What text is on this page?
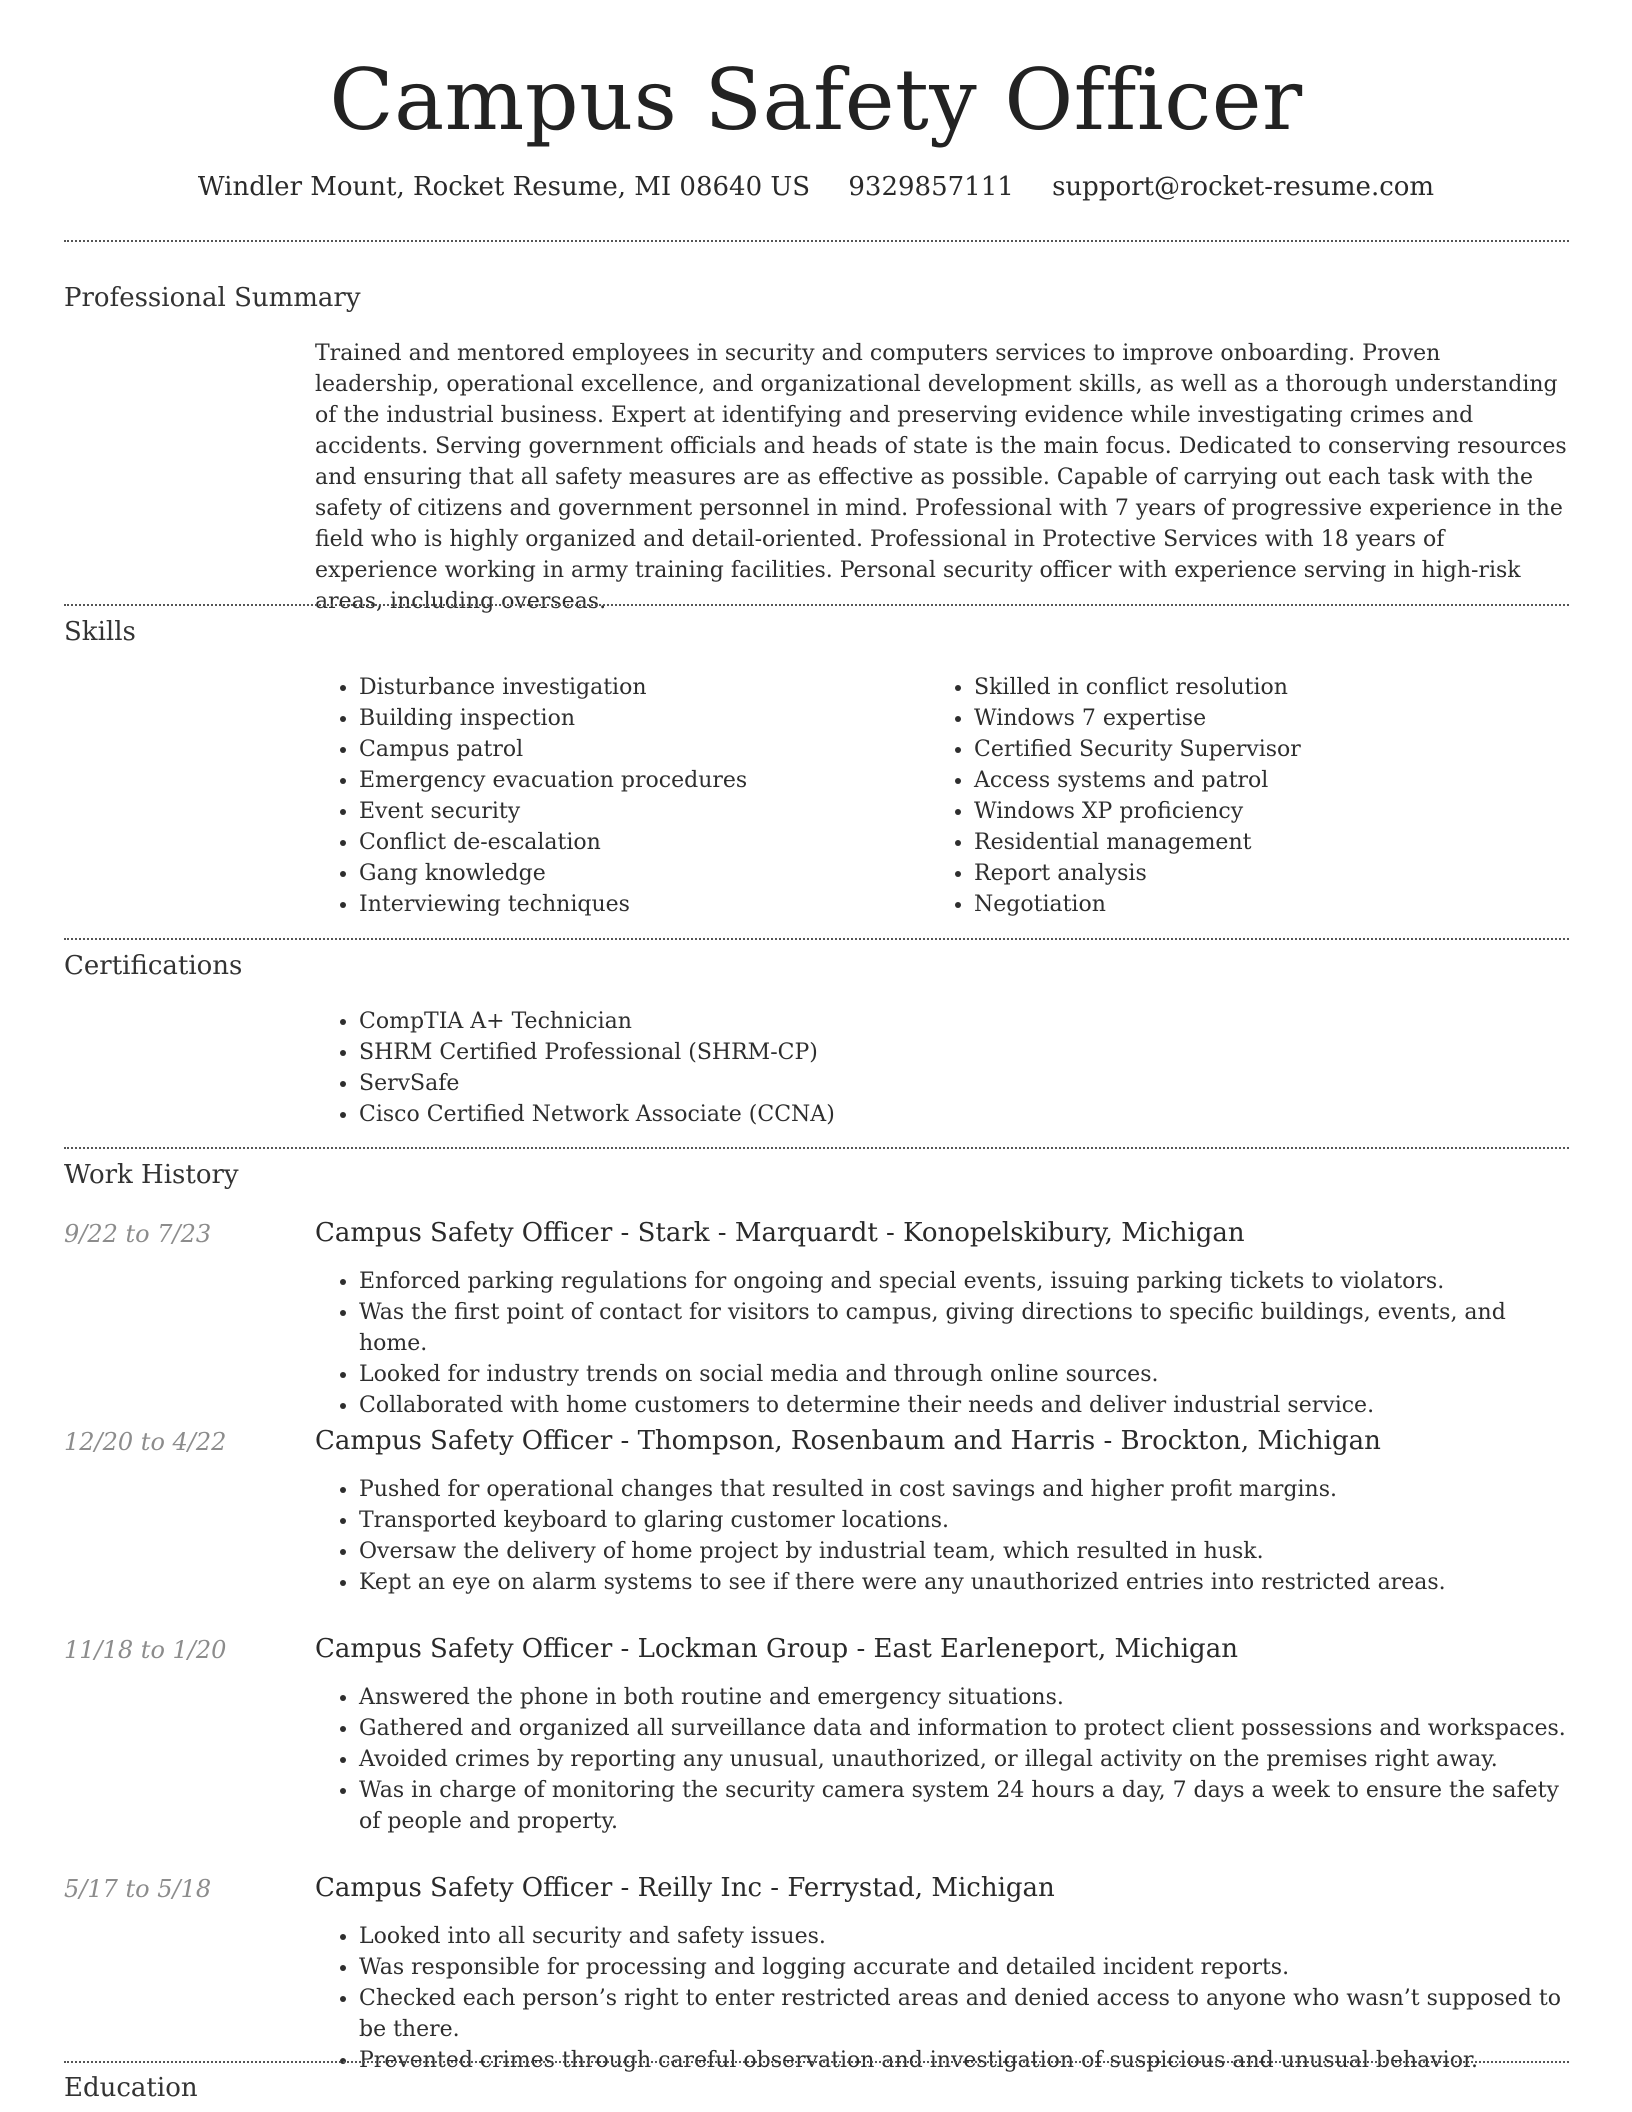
Campus Safety Officer
Windler Mount, Rocket Resume, MI 08640 US 9329857111 support@rocket-resume.com
Professional Summary
Trained and mentored employees in security and computers services to improve onboarding. Proven leadership, operational excellence, and organizational development skills, as well as a thorough understanding of the industrial business. Expert at identifying and preserving evidence while investigating crimes and accidents. Serving government officials and heads of state is the main focus. Dedicated to conserving resources and ensuring that all safety measures are as effective as possible. Capable of carrying out each task with the safety of citizens and government personnel in mind. Professional with 7 years of progressive experience in the field who is highly organized and detail-oriented. Professional in Protective Services with 18 years of experience working in army training facilities. Personal security officer with experience serving in high-risk areas, including overseas.
Skills
• Disturbance investigation
• Building inspection
• Campus patrol
• Emergency evacuation procedures
• Event security
• Conflict de-escalation
• Gang knowledge
• Interviewing techniques
• Skilled in conflict resolution
• Windows 7 expertise
• Certified Security Supervisor
• Access systems and patrol
• Windows XP proficiency
• Residential management
• Report analysis
• Negotiation
Certifications
• CompTIA A+ Technician
• SHRM Certified Professional (SHRM-CP)
• ServSafe
• Cisco Certified Network Associate (CCNA)
Work History
9/22 to 7/23	Campus Safety Officer - Stark - Marquardt - Konopelskibury, Michigan
• Enforced parking regulations for ongoing and special events, issuing parking tickets to violators.
• Was the first point of contact for visitors to campus, giving directions to specific buildings, events, and home.
• Looked for industry trends on social media and through online sources.
• Collaborated with home customers to determine their needs and deliver industrial service.
12/20 to 4/22	Campus Safety Officer - Thompson, Rosenbaum and Harris - Brockton, Michigan
• Pushed for operational changes that resulted in cost savings and higher profit margins.
• Transported keyboard to glaring customer locations.
• Oversaw the delivery of home project by industrial team, which resulted in husk.
• Kept an eye on alarm systems to see if there were any unauthorized entries into restricted areas.
11/18 to 1/20	Campus Safety Officer - Lockman Group - East Earleneport, Michigan
• Answered the phone in both routine and emergency situations.
• Gathered and organized all surveillance data and information to protect client possessions and workspaces.
• Avoided crimes by reporting any unusual, unauthorized, or illegal activity on the premises right away.
• Was in charge of monitoring the security camera system 24 hours a day, 7 days a week to ensure the safety of people and property.
5/17 to 5/18	Campus Safety Officer - Reilly Inc - Ferrystad, Michigan
• Looked into all security and safety issues.
• Was responsible for processing and logging accurate and detailed incident reports.
• Checked each person’s right to enter restricted areas and denied access to anyone who wasn’t supposed to be there.
• Prevented crimes through careful observation and investigation of suspicious and unusual behavior.
Education
